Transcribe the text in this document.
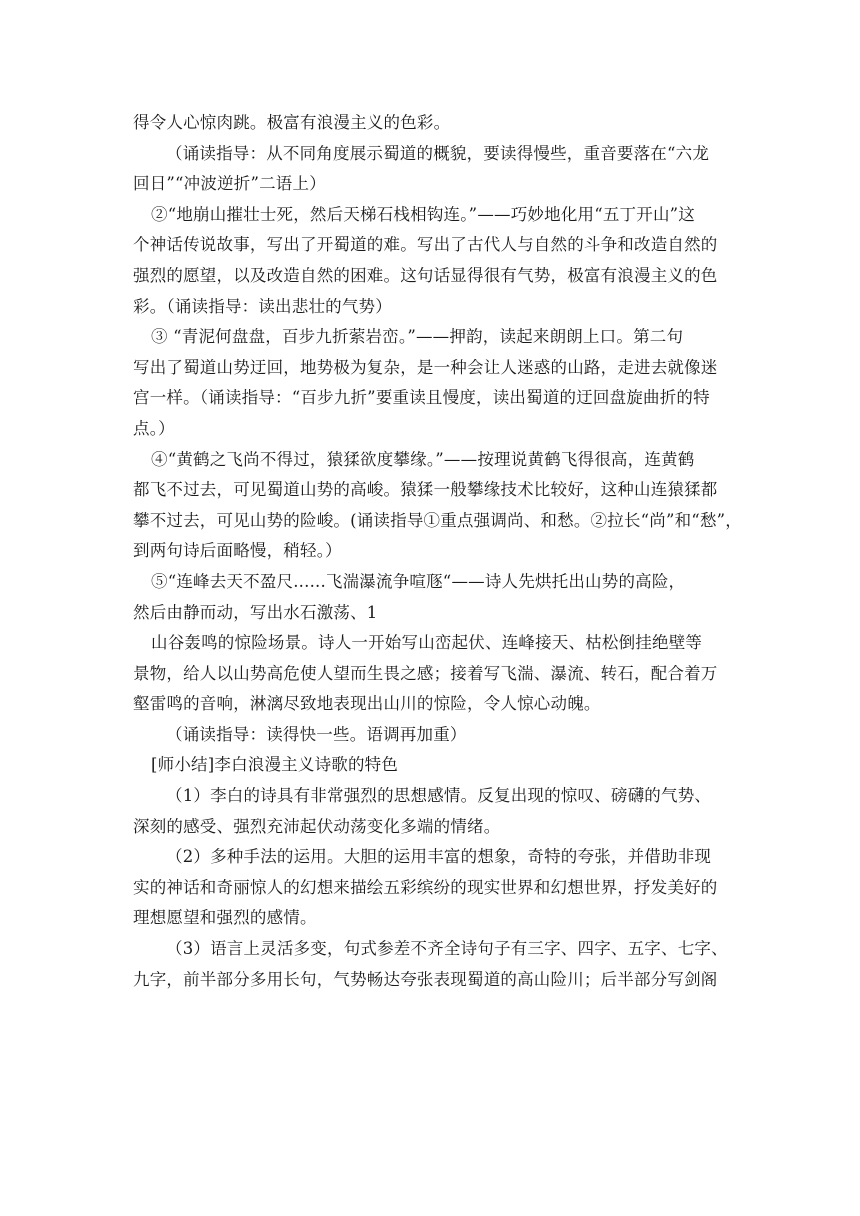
得令人心惊肉跳。极富有浪漫主义的色彩。
（诵读指导：从不同角度展示蜀道的概貌，要读得慢些，重音要落在“六龙
回日”“冲波逆折”二语上）
②“地崩山摧壮士死，然后天梯石栈相钩连。”——巧妙地化用“五丁开山”这
个神话传说故事，写出了开蜀道的难。写出了古代人与自然的斗争和改造自然的
强烈的愿望，以及改造自然的困难。这句话显得很有气势，极富有浪漫主义的色
彩。（诵读指导：读出悲壮的气势）
③ “青泥何盘盘，百步九折萦岩峦。”——押韵，读起来朗朗上口。第二句
写出了蜀道山势迂回，地势极为复杂，是一种会让人迷惑的山路，走进去就像迷
宫一样。（诵读指导：“百步九折”要重读且慢度，读出蜀道的迂回盘旋曲折的特
点。）
④“黄鹤之飞尚不得过，猿猱欲度攀缘。”——按理说黄鹤飞得很高，连黄鹤
都飞不过去，可见蜀道山势的高峻。猿猱一般攀缘技术比较好，这种山连猿猱都
攀不过去，可见山势的险峻。(诵读指导①重点强调尚、和愁。②拉长“尚”和“愁”，
到两句诗后面略慢，稍轻。）
⑤“连峰去天不盈尺......飞湍瀑流争喧豗“——诗人先烘托出山势的高险，
然后由静而动，写出水石激荡、1
山谷轰鸣的惊险场景。诗人一开始写山峦起伏、连峰接天、枯松倒挂绝壁等
景物，给人以山势高危使人望而生畏之感；接着写飞湍、瀑流、转石，配合着万
壑雷鸣的音响，淋漓尽致地表现出山川的惊险，令人惊心动魄。
（诵读指导：读得快一些。语调再加重）
[师小结]李白浪漫主义诗歌的特色
（1）李白的诗具有非常强烈的思想感情。反复出现的惊叹、磅礴的气势、
深刻的感受、强烈充沛起伏动荡变化多端的情绪。
（2）多种手法的运用。大胆的运用丰富的想象，奇特的夸张，并借助非现
实的神话和奇丽惊人的幻想来描绘五彩缤纷的现实世界和幻想世界，抒发美好的
理想愿望和强烈的感情。
（3）语言上灵活多变，句式参差不齐全诗句子有三字、四字、五字、七字、
九字，前半部分多用长句，气势畅达夸张表现蜀道的高山险川；后半部分写剑阁
